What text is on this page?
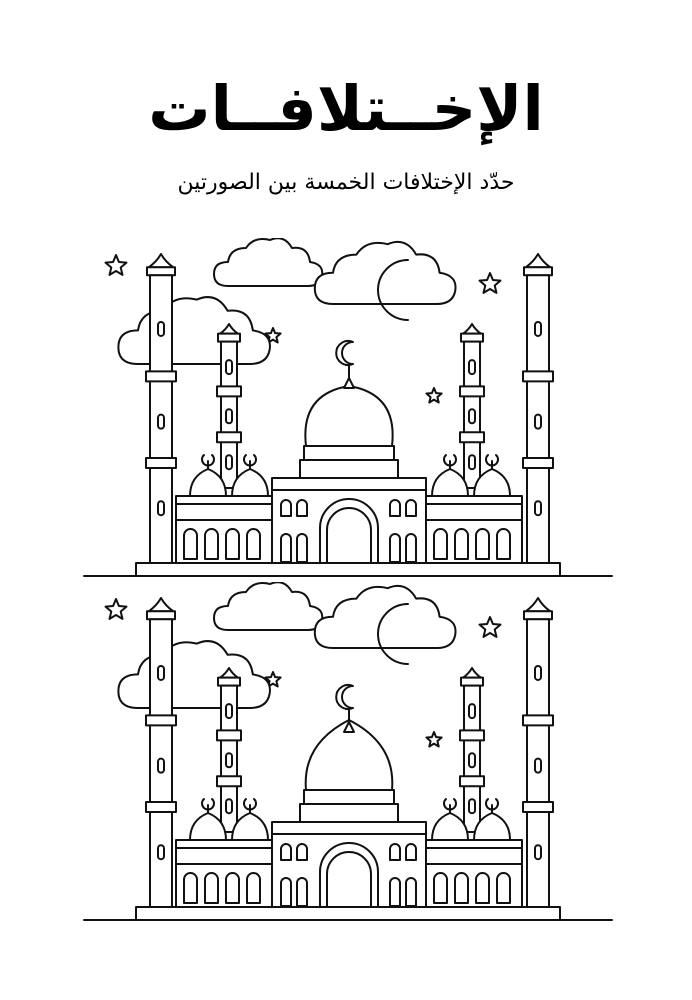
الإخــتلافــات
حدّد الإختلافات الخمسة بين الصورتين
